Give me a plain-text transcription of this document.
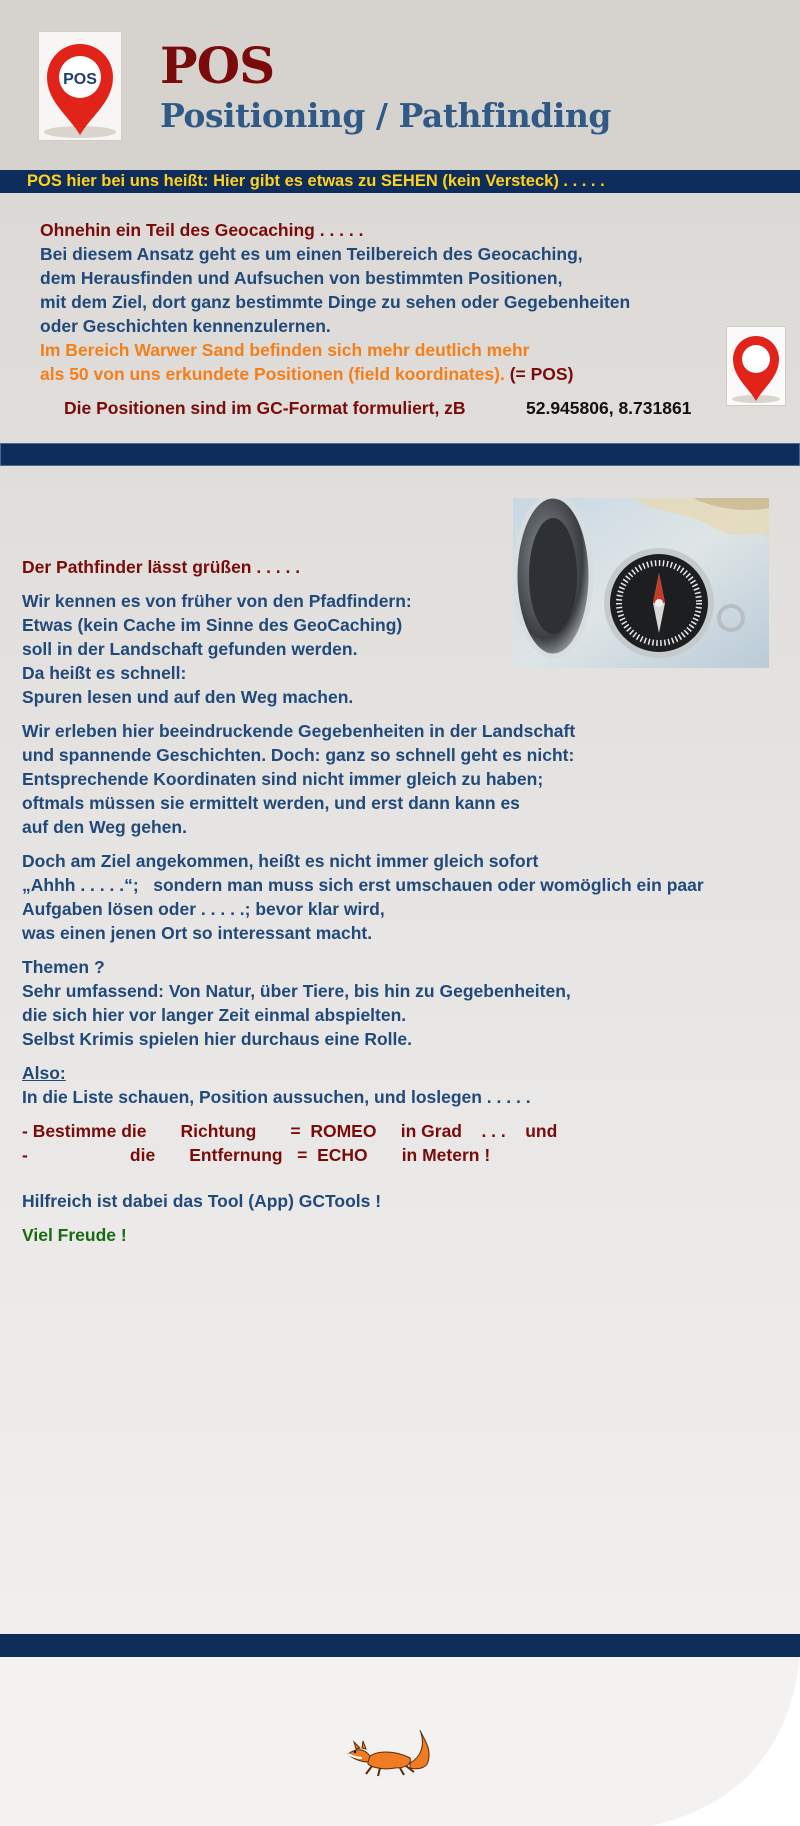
POS POS
Positioning / Pathfinding
POS hier bei uns heißt: Hier gibt es etwas zu SEHEN (kein Versteck) . . . . .
Ohnehin ein Teil des Geocaching . . . . .
Bei diesem Ansatz geht es um einen Teilbereich des Geocaching,
dem Herausfinden und Aufsuchen von bestimmten Positionen,
mit dem Ziel, dort ganz bestimmte Dinge zu sehen oder Gegebenheiten
oder Geschichten kennenzulernen.
Im Bereich Warwer Sand befinden sich mehr deutlich mehr
als 50 von uns erkundete Positionen (field koordinates). (= POS)
Die Positionen sind im GC-Format formuliert, zB	52.945806, 8.731861
Der Pathfinder lässt grüßen . . . . .
Wir kennen es von früher von den Pfadfindern:
Etwas (kein Cache im Sinne des GeoCaching)
soll in der Landschaft gefunden werden.
Da heißt es schnell:
Spuren lesen und auf den Weg machen.
Wir erleben hier beeindruckende Gegebenheiten in der Landschaft
und spannende Geschichten. Doch: ganz so schnell geht es nicht:
Entsprechende Koordinaten sind nicht immer gleich zu haben;
oftmals müssen sie ermittelt werden, und erst dann kann es
auf den Weg gehen.
Doch am Ziel angekommen, heißt es nicht immer gleich sofort
„Ahhh . . . . .“;   sondern man muss sich erst umschauen oder womöglich ein paar
Aufgaben lösen oder . . . . .; bevor klar wird,
was einen jenen Ort so interessant macht.
Themen ?
Sehr umfassend: Von Natur, über Tiere, bis hin zu Gegebenheiten,
die sich hier vor langer Zeit einmal abspielten.
Selbst Krimis spielen hier durchaus eine Rolle.
Also:
In die Liste schauen, Position aussuchen, und loslegen . . . . .
- Bestimme die       Richtung       =  ROMEO     in Grad    . . .    und
-                     die       Entfernung   =  ECHO       in Metern !
Hilfreich ist dabei das Tool (App) GCTools !
Viel Freude !
